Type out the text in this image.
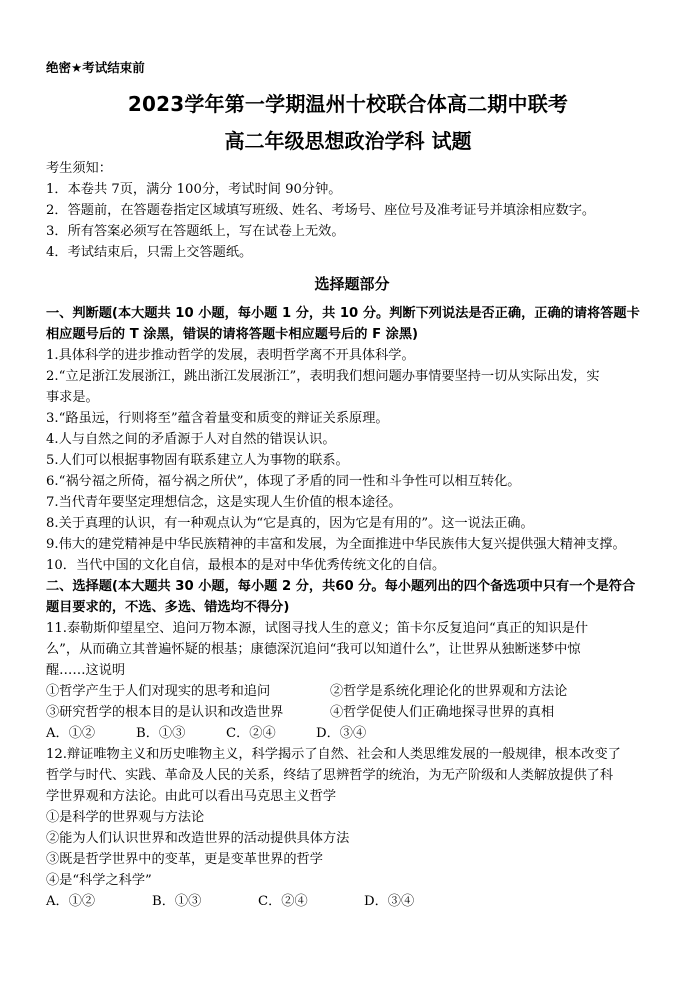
绝密★考试结束前
2023学年第一学期温州十校联合体高二期中联考
高二年级思想政治学科 试题
考生须知：
1．本卷共 7页，满分 100分，考试时间 90分钟。
2．答题前，在答题卷指定区域填写班级、姓名、考场号、座位号及准考证号并填涂相应数字。
3．所有答案必须写在答题纸上，写在试卷上无效。
4．考试结束后，只需上交答题纸。
选择题部分
一、判断题(本大题共 10 小题，每小题 1 分，共 10 分。判断下列说法是否正确，正确的请将答题卡
相应题号后的 T 涂黑，错误的请将答题卡相应题号后的 F 涂黑)
1.具体科学的进步推动哲学的发展，表明哲学离不开具体科学。
2.“立足浙江发展浙江，跳出浙江发展浙江”，表明我们想问题办事情要坚持一切从实际出发，实
事求是。
3.“路虽远，行则将至”蕴含着量变和质变的辩证关系原理。
4.人与自然之间的矛盾源于人对自然的错误认识。
5.人们可以根据事物固有联系建立人为事物的联系。
6.“祸兮福之所倚，福兮祸之所伏”，体现了矛盾的同一性和斗争性可以相互转化。
7.当代青年要坚定理想信念，这是实现人生价值的根本途径。
8.关于真理的认识，有一种观点认为“它是真的，因为它是有用的”。这一说法正确。
9.伟大的建党精神是中华民族精神的丰富和发展，为全面推进中华民族伟大复兴提供强大精神支撑。
10．当代中国的文化自信，最根本的是对中华优秀传统文化的自信。
二、选择题(本大题共 30 小题，每小题 2 分，共60 分。每小题列出的四个备选项中只有一个是符合
题目要求的，不选、多选、错选均不得分)
11.泰勒斯仰望星空、追问万物本源，试图寻找人生的意义；笛卡尔反复追问“真正的知识是什
么”，从而确立其普遍怀疑的根基；康德深沉追问“我可以知道什么”，让世界从独断迷梦中惊
醒……这说明
①哲学产生于人们对现实的思考和追问	②哲学是系统化理论化的世界观和方法论
③研究哲学的根本目的是认识和改造世界	④哲学促使人们正确地探寻世界的真相
A．①②	B．①③	C．②④	D．③④
12.辩证唯物主义和历史唯物主义，科学揭示了自然、社会和人类思维发展的一般规律，根本改变了
哲学与时代、实践、革命及人民的关系，终结了思辨哲学的统治，为无产阶级和人类解放提供了科
学世界观和方法论。由此可以看出马克思主义哲学
①是科学的世界观与方法论
②能为人们认识世界和改造世界的活动提供具体方法
③既是哲学世界中的变革，更是变革世界的哲学
④是“科学之科学”
A．①②	B．①③	C．②④	D．③④
